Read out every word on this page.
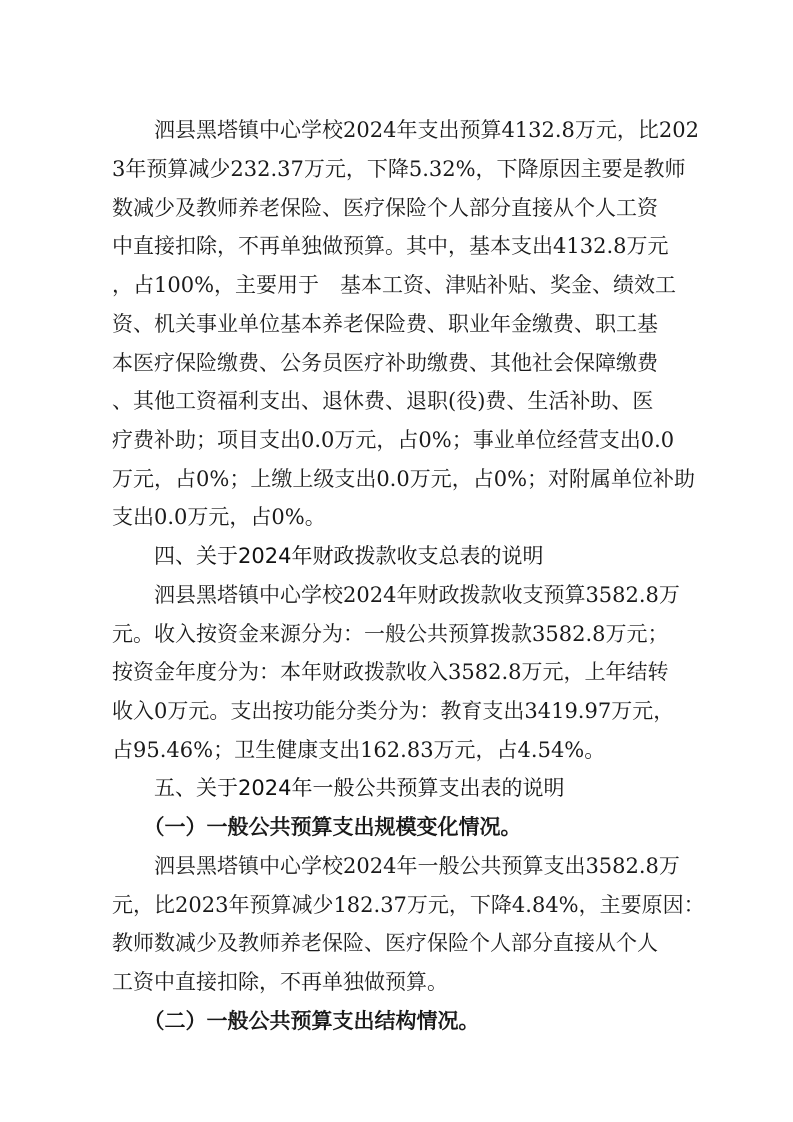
　　泗县黑塔镇中心学校2024年支出预算4132.8万元，比202
3年预算减少232.37万元，下降5.32%，下降原因主要是教师
数减少及教师养老保险、医疗保险个人部分直接从个人工资
中直接扣除，不再单独做预算。其中，基本支出4132.8万元
，占100%，主要用于　基本工资、津贴补贴、奖金、绩效工
资、机关事业单位基本养老保险费、职业年金缴费、职工基
本医疗保险缴费、公务员医疗补助缴费、其他社会保障缴费
、其他工资福利支出、退休费、退职(役)费、生活补助、医
疗费补助；项目支出0.0万元，占0%；事业单位经营支出0.0
万元，占0%；上缴上级支出0.0万元，占0%；对附属单位补助
支出0.0万元，占0%。
　　四、关于2024年财政拨款收支总表的说明
　　泗县黑塔镇中心学校2024年财政拨款收支预算3582.8万
元。收入按资金来源分为：一般公共预算拨款3582.8万元；
按资金年度分为：本年财政拨款收入3582.8万元，上年结转
收入0万元。支出按功能分类分为：教育支出3419.97万元，
占95.46%；卫生健康支出162.83万元，占4.54%。
　　五、关于2024年一般公共预算支出表的说明
　　（一）一般公共预算支出规模变化情况。
　　泗县黑塔镇中心学校2024年一般公共预算支出3582.8万
元，比2023年预算减少182.37万元，下降4.84%，主要原因：
教师数减少及教师养老保险、医疗保险个人部分直接从个人
工资中直接扣除，不再单独做预算。
　　（二）一般公共预算支出结构情况。
